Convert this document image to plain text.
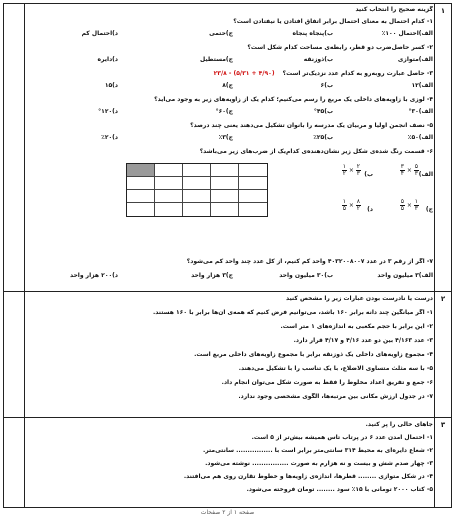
۱
۲
۳
گزینه صحیح را انتخاب کنید
۱- کدام احتمال به معنای احتمال برابر اتفاق افتادن یا نیفتادن است؟
الف)احتمال ۱۰۰٪
ب)پنجاه پنجاه
ج)حتمی
د)احتمال کم
۲- کسر حاصل‌ضرب دو قطر، رابطه‌ی مساحت کدام شکل است؟
الف)متوازی
ب)ذوزنقه
ج)مستطیل
د)دایره
۳- حاصل عبارت روبه‌رو به کدام عدد نزدیک‌تر است؟ (۴/۹۰ + ۵/۳۱) - ۲۳/۸
الف)۱۲
ب)۶
ج)۸
د)۱۵
۴- لوزی با زاویه‌های داخلی یک مربع را رسم می‌کنیم؛ کدام یک از زاویه‌های زیر به وجود می‌آید؟
الف)۳۰°
ب)۴۵°
ج)۶۰°
د)۱۲۰°
۵- نصف انجمن اولیا و مربیان یک مدرسه را بانوان تشکیل می‌دهند یعنی چند درصد؟
الف)۵۰٪
ب)۲۵٪
ج)۳٪
د)۲۰٪
۶- قسمت رنگ شده‌ی شکل زیر نشان‌دهنده‌ی کدام‌یک از ضرب‌های زیر می‌باشد؟
الف)
$\frac{۳}{۴} \times \frac{۵}{۳}$
ب)
$\frac{۱}{۲} \times \frac{۲}{۳}$
ج)
$\frac{۵}{۵} \times \frac{۱}{۳}$
د)
$\frac{۱}{۵} \times \frac{۸}{۲}$
۷- اگر از رقم ۳ در عدد ۴۰۳۲۰۰۸۰۰۷ واحد کم کنیم، از کل عدد چند واحد کم می‌شود؟
الف)۳ میلیون واحد
ب)۳۰ میلیون واحد
ج)۳ هزار واحد
د)۲۰۰ هزار واحد
درست یا نادرست بودن عبارات زیر را مشخص کنید
۱- اگر میانگین چند دانه برابر ۱۶۰ باشد، می‌توانیم فرض کنیم که همه‌ی آن‌ها برابر با ۱۶۰ هستند.
۲- این برابر با حجم مکعبی به اندازه‌های ۱ متر است.
۳- عدد ۴/۱۶۳ بین دو عدد ۴/۱۶ و ۴/۱۷ قرار دارد.
۴- مجموع زاویه‌های داخلی یک ذوزنقه برابر با مجموع زاویه‌های داخلی مربع است.
۵- با سه مثلث متساوی الاضلاع، با یک تناسب را با تشکیل می‌دهند.
۶- جمع و تفریق اعداد مخلوط را فقط به صورت شکل می‌توان انجام داد.
۷- در جدول ارزش مکانی بین مرتبه‌ها، الگوی مشخصی وجود ندارد.
جاهای خالی را پر کنید.
۱- احتمال آمدن عدد ۶ در پرتاب تاس همیشه بیش‌تر از ۵ است.
۲- شعاع دایره‌ای به محیط ۳۱۴ سانتی‌متر برابر است با ................ سانتی‌متر.
۳- چهار صدم شش و بیست و نه هزارم به صورت ................ نوشته می‌شود.
۴- در شکل متوازی ........ قطرها، اندازه‌ی زاویه‌ها و خطوط تقارن روی هم می‌افتند.
۵- کتاب ۲۰۰۰ تومانی با ۱۵٪ سود ........ تومان فروخته می‌شود.
صفحه ۱ از ۲ صفحات
